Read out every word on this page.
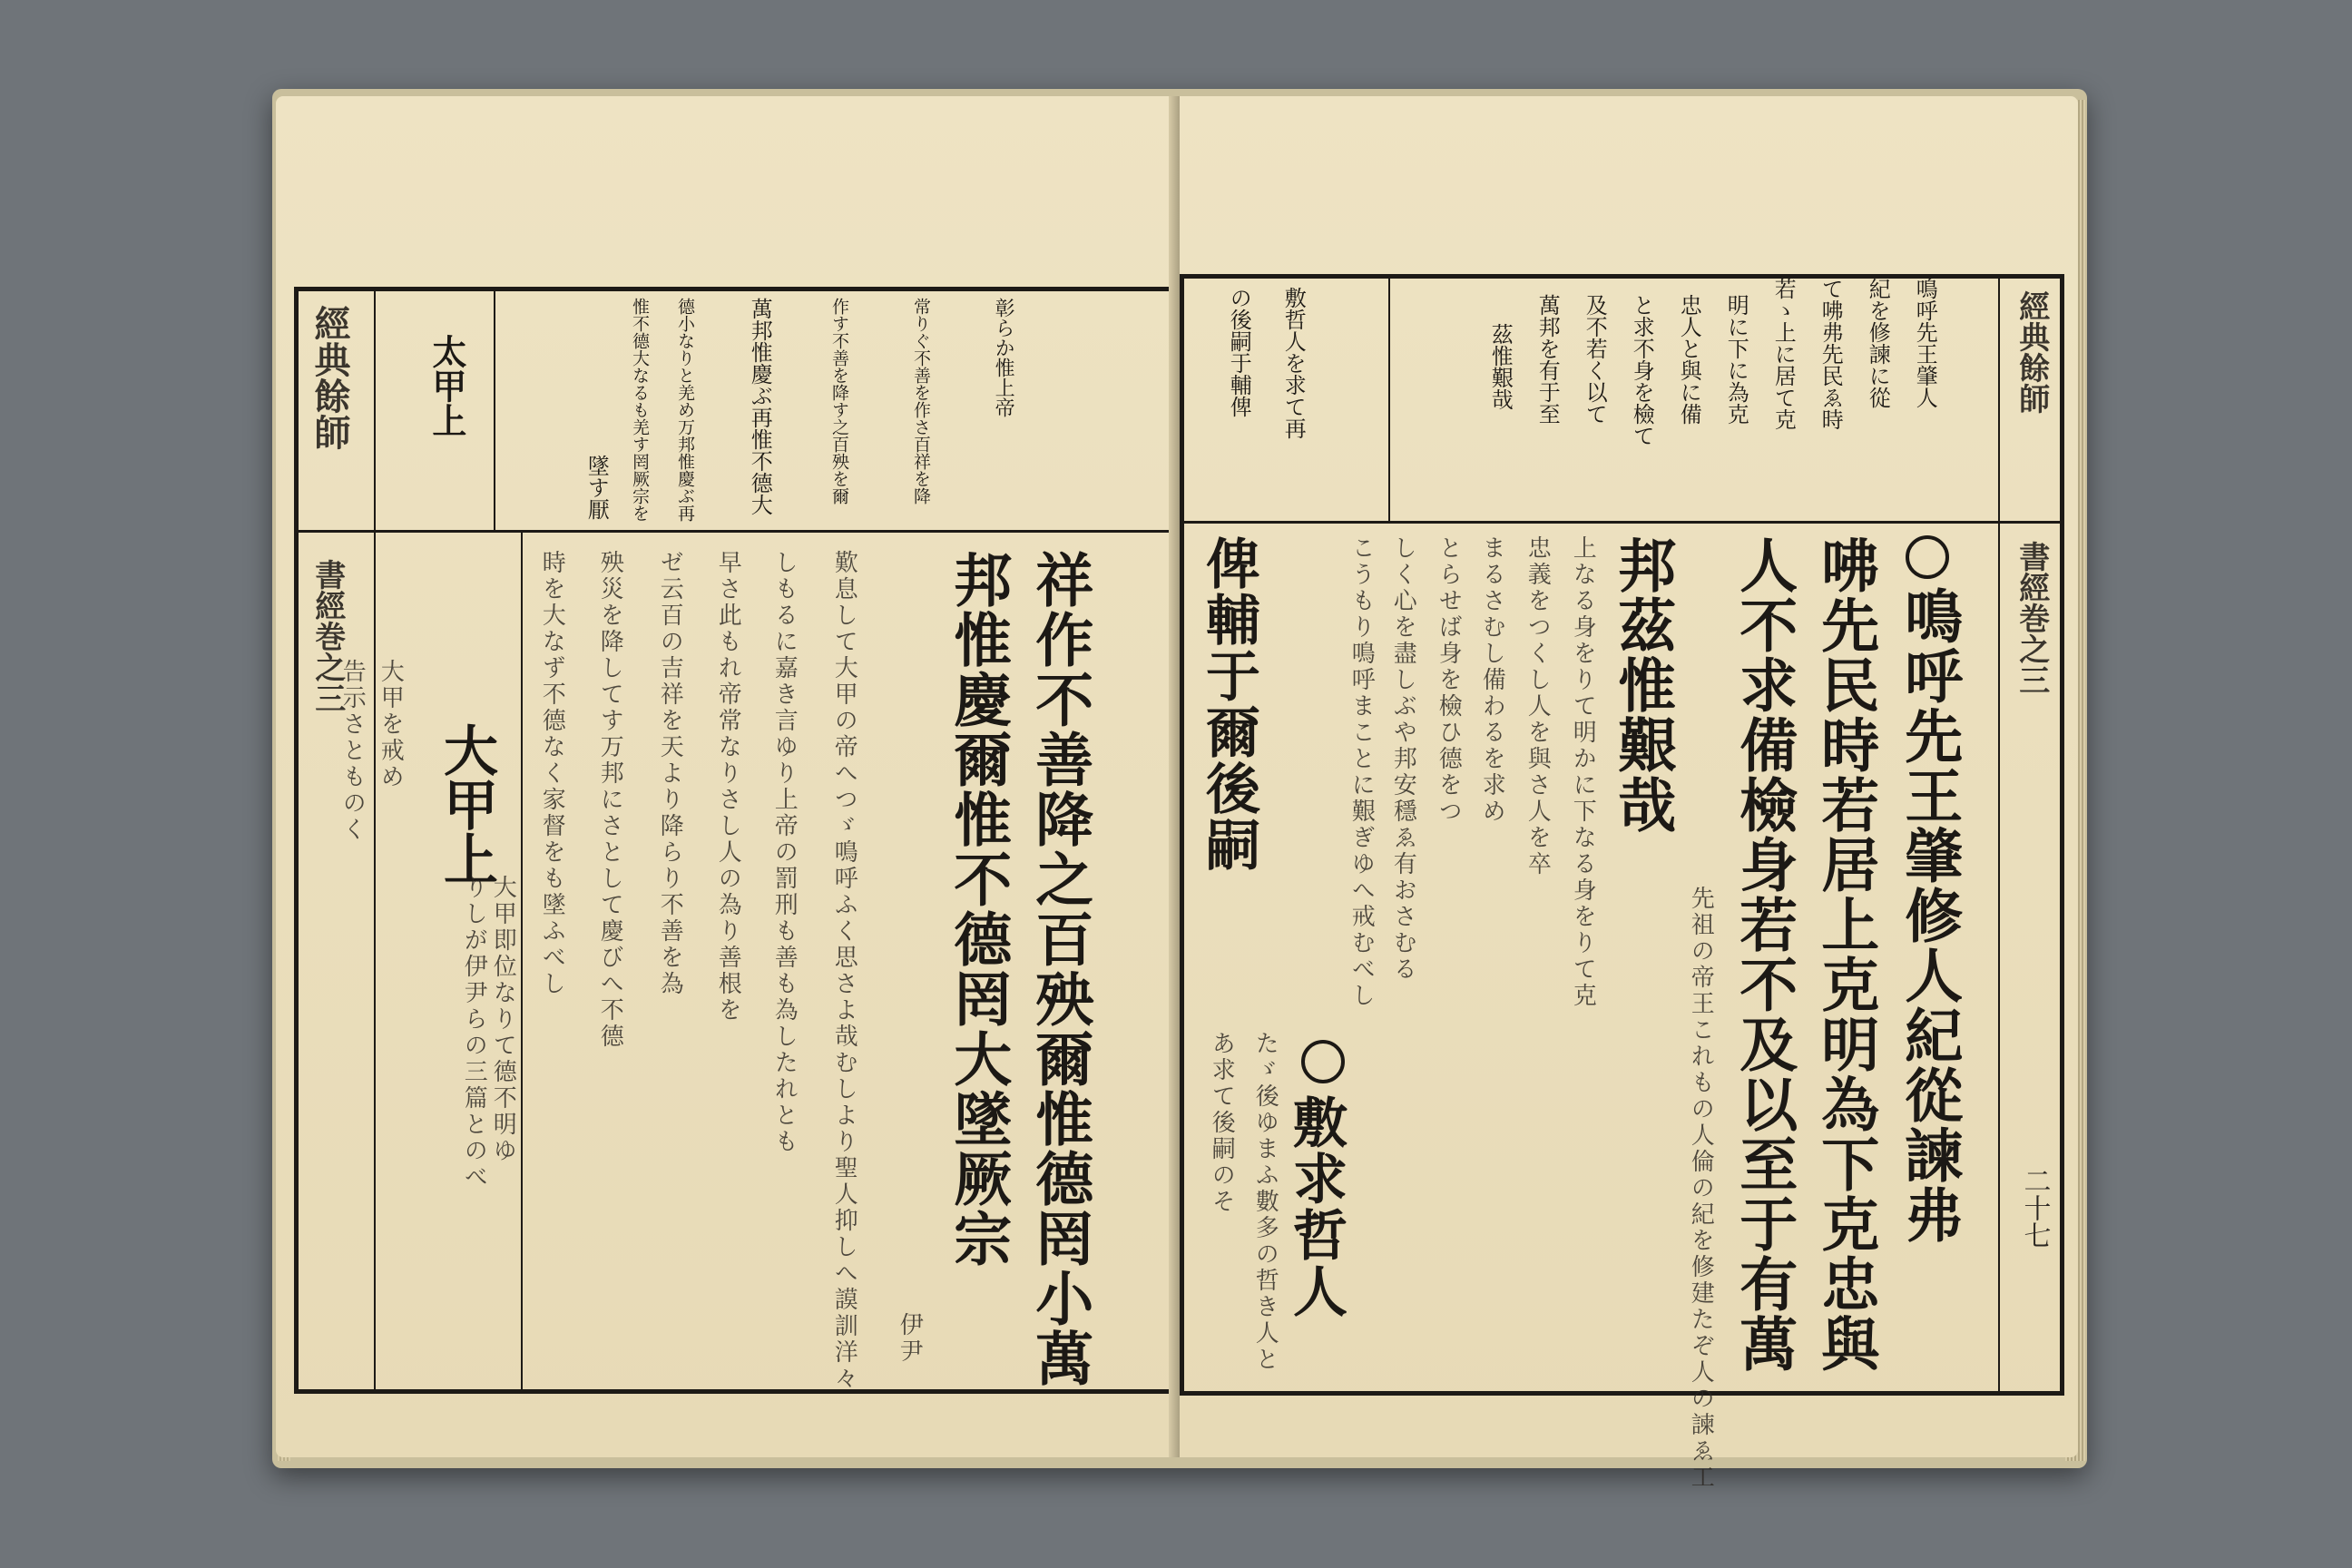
經典餘師
書經巻之三
太甲上
墜す厭 惟不德大なるも羌す罔厥宗を 德小なりと羌め万邦惟慶ぶ再 萬邦惟慶ぶ再惟不德大	作す不善を降す之百殃を爾	常りぐ不善を作さ百祥を降	彰らか惟上帝
告示さとものく 大甲を戒め 大甲上
大甲即位なりて德不明ゆ
りしが伊尹らの三篇とのべ
時を大なず不德なく家督をも墜ふべし 殃災を降してす万邦にさとして慶びへ不德 ゼ云百の吉祥を天より降らり不善を為 早さ此もれ帝常なりさし人の為り善根を しもるに嘉き言ゆり上帝の罰刑も善も為したれとも 歎息して大甲の帝へつゞ鳴呼ふく思さよ哉むしより聖人抑しへ謨訓洋々 伊尹
邦惟慶爾惟不德罔大墜厥宗 祥作不善降之百殃爾惟德罔小萬
經典餘師
書經巻之三
二十七
敷哲人を求て再
の後嗣于輔俾	茲惟艱哉 萬邦を有于至 及不若く以て と求不身を檢て 忠人と與に備 明に下に為克 若ゝ上に居て克 て咈弗先民ゑ時 紀を修諫に從 鳴呼先王肇人
俾輔于爾後嗣
あ求て後嗣のそ たゞ後ゆまふ數多の哲き人と 敷求哲人
こうもり鳴呼まことに艱ぎゆへ戒むべし しく心を盡しぶや邦安穩ゑ有おさむる とらせば身を檢ひ德をつ まるさむし備わるを求め 忠義をつくし人を與さ人を卒 上なる身をりて明かに下なる身をりて克
先祖の帝王これもの人倫の紀を修建たぞ人の諫ゑ工
邦茲惟艱哉 人不求備檢身若不及以至于有萬 咈先民時若居上克明為下克忠與 鳴呼先王肇修人紀從諫弗
